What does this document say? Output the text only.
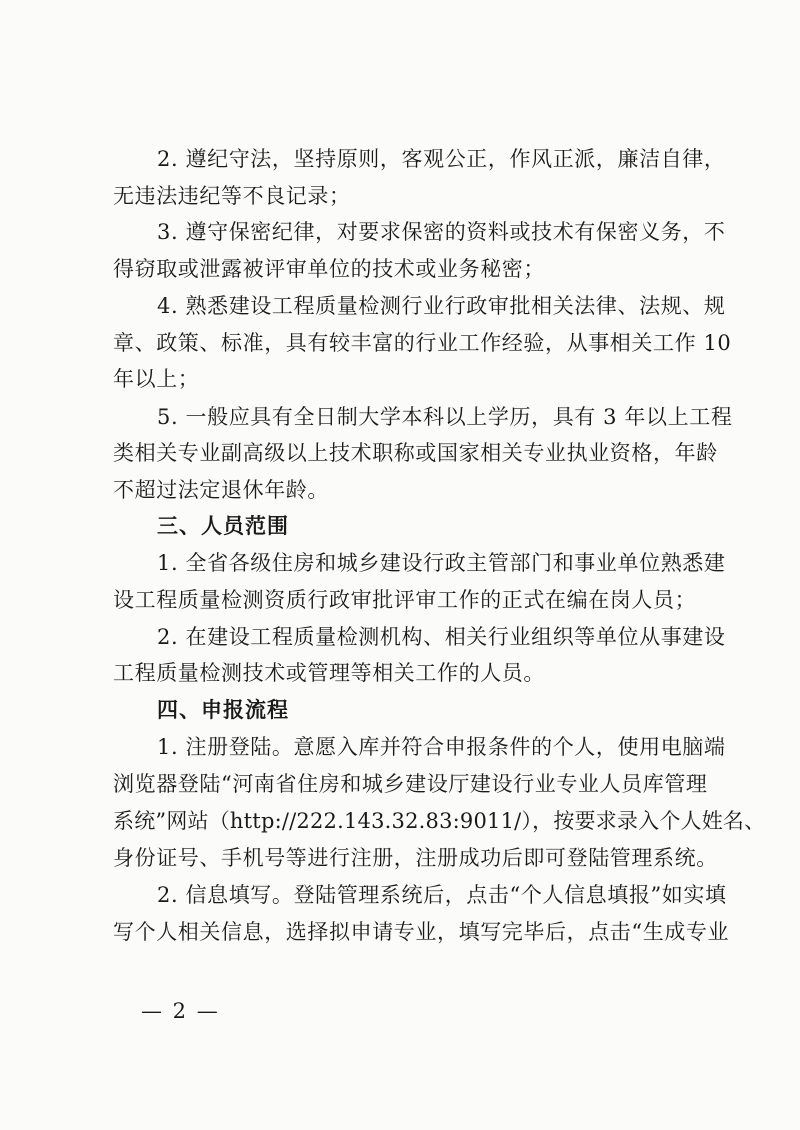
2. 遵纪守法，坚持原则，客观公正，作风正派，廉洁自律，
无违法违纪等不良记录；
3. 遵守保密纪律，对要求保密的资料或技术有保密义务，不
得窃取或泄露被评审单位的技术或业务秘密；
4. 熟悉建设工程质量检测行业行政审批相关法律、法规、规
章、政策、标准，具有较丰富的行业工作经验，从事相关工作 10
年以上；
5. 一般应具有全日制大学本科以上学历，具有 3 年以上工程
类相关专业副高级以上技术职称或国家相关专业执业资格，年龄
不超过法定退休年龄。
三、人员范围
1. 全省各级住房和城乡建设行政主管部门和事业单位熟悉建
设工程质量检测资质行政审批评审工作的正式在编在岗人员；
2. 在建设工程质量检测机构、相关行业组织等单位从事建设
工程质量检测技术或管理等相关工作的人员。
四、申报流程
1. 注册登陆。意愿入库并符合申报条件的个人，使用电脑端
浏览器登陆“河南省住房和城乡建设厅建设行业专业人员库管理
系统”网站（http://222.143.32.83:9011/），按要求录入个人姓名、
身份证号、手机号等进行注册，注册成功后即可登陆管理系统。
2. 信息填写。登陆管理系统后，点击“个人信息填报”如实填
写个人相关信息，选择拟申请专业，填写完毕后，点击“生成专业
— 2 —
